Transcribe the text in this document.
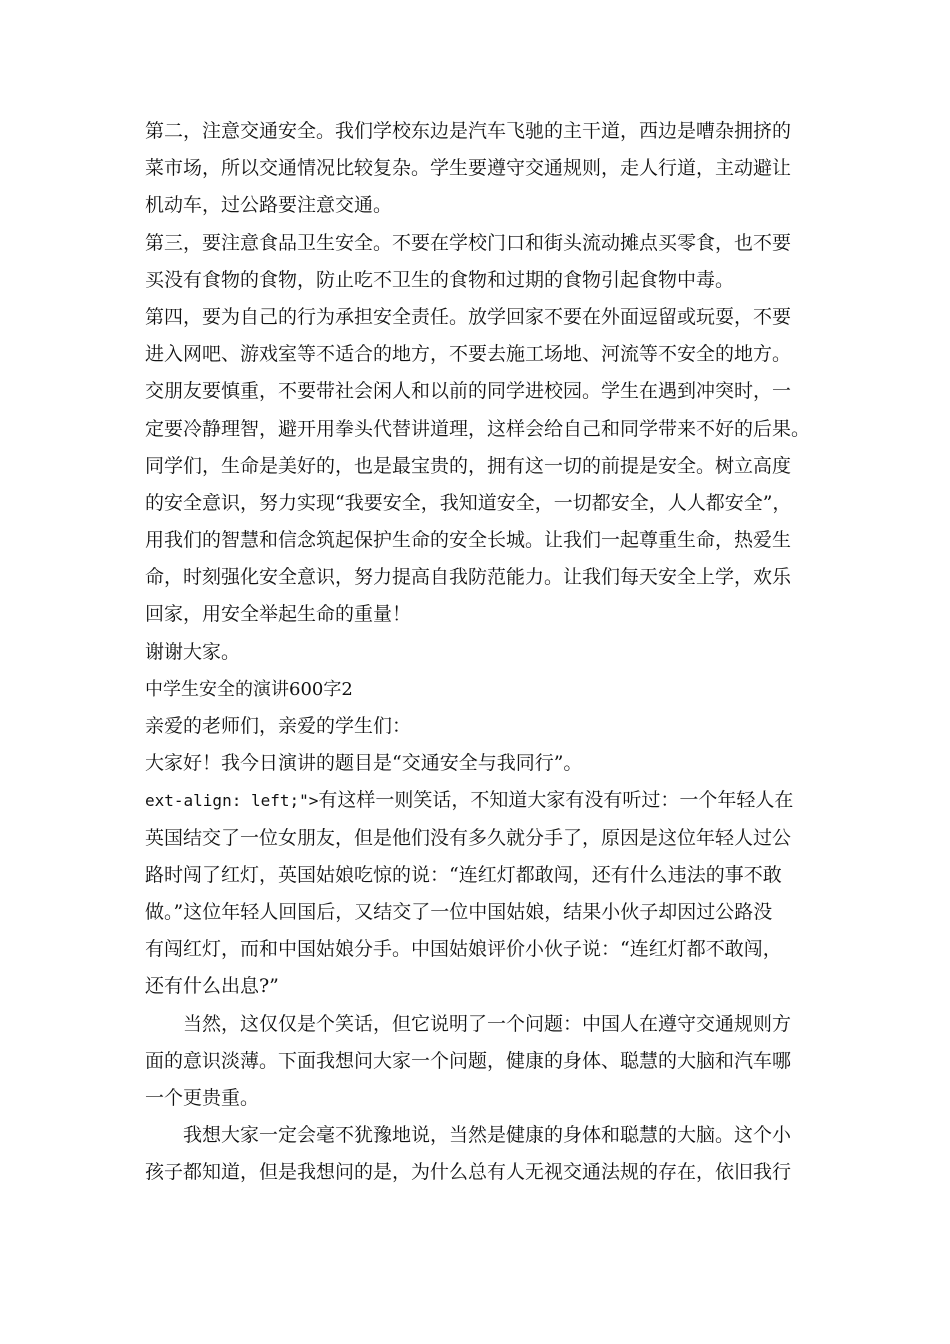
第二，注意交通安全。我们学校东边是汽车飞驰的主干道，西边是嘈杂拥挤的
菜市场，所以交通情况比较复杂。学生要遵守交通规则，走人行道，主动避让
机动车，过公路要注意交通。
第三，要注意食品卫生安全。不要在学校门口和街头流动摊点买零食，也不要
买没有食物的食物，防止吃不卫生的食物和过期的食物引起食物中毒。
第四，要为自己的行为承担安全责任。放学回家不要在外面逗留或玩耍，不要
进入网吧、游戏室等不适合的地方，不要去施工场地、河流等不安全的地方。
交朋友要慎重，不要带社会闲人和以前的同学进校园。学生在遇到冲突时，一
定要冷静理智，避开用拳头代替讲道理，这样会给自己和同学带来不好的后果。
同学们，生命是美好的，也是最宝贵的，拥有这一切的前提是安全。树立高度
的安全意识，努力实现“我要安全，我知道安全，一切都安全，人人都安全”，
用我们的智慧和信念筑起保护生命的安全长城。让我们一起尊重生命，热爱生
命，时刻强化安全意识，努力提高自我防范能力。让我们每天安全上学，欢乐
回家，用安全举起生命的重量！
谢谢大家。
中学生安全的演讲600字2
亲爱的老师们，亲爱的学生们：
大家好！我今日演讲的题目是“交通安全与我同行”。
ext-align: left;">有这样一则笑话，不知道大家有没有听过：一个年轻人在
英国结交了一位女朋友，但是他们没有多久就分手了，原因是这位年轻人过公
路时闯了红灯，英国姑娘吃惊的说：“连红灯都敢闯，还有什么违法的事不敢
做。”这位年轻人回国后，又结交了一位中国姑娘，结果小伙子却因过公路没
有闯红灯，而和中国姑娘分手。中国姑娘评价小伙子说：“连红灯都不敢闯，
还有什么出息?”
当然，这仅仅是个笑话，但它说明了一个问题：中国人在遵守交通规则方
面的意识淡薄。下面我想问大家一个问题，健康的身体、聪慧的大脑和汽车哪
一个更贵重。
我想大家一定会毫不犹豫地说，当然是健康的身体和聪慧的大脑。这个小
孩子都知道，但是我想问的是，为什么总有人无视交通法规的存在，依旧我行
